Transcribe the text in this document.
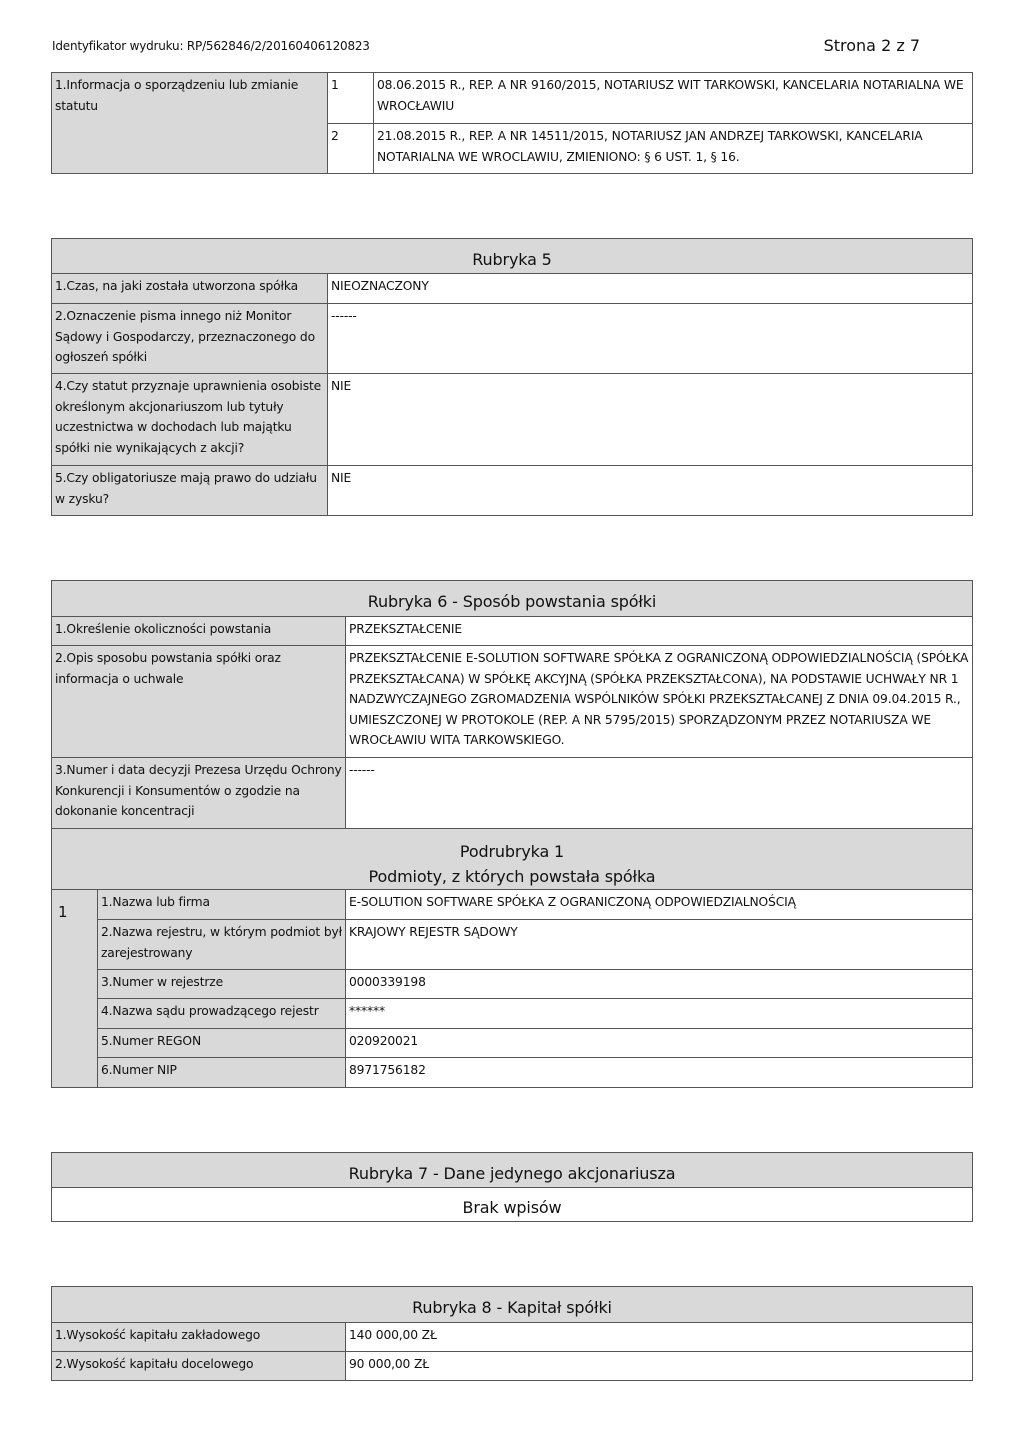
Identyfikator wydruku: RP/562846/2/20160406120823	Strona 2 z 7
1.Informacja o sporządzeniu lub zmianie statutu	1	08.06.2015 R., REP. A NR 9160/2015, NOTARIUSZ WIT TARKOWSKI, KANCELARIA NOTARIALNA WE WROCŁAWIU
	2	21.08.2015 R., REP. A NR 14511/2015, NOTARIUSZ JAN ANDRZEJ TARKOWSKI, KANCELARIA NOTARIALNA WE WROCLAWIU, ZMIENIONO: § 6 UST. 1, § 16.
Rubryka 5	
1.Czas, na jaki została utworzona spółka	NIEOZNACZONY
2.Oznaczenie pisma innego niż Monitor Sądowy i Gospodarczy, przeznaczonego do ogłoszeń spółki	------
4.Czy statut przyznaje uprawnienia osobiste określonym akcjonariuszom lub tytuły uczestnictwa w dochodach lub majątku spółki nie wynikających z akcji?	NIE
5.Czy obligatoriusze mają prawo do udziału w zysku?	NIE
Rubryka 6 - Sposób powstania spółki		
1.Określenie okoliczności powstania		PRZEKSZTAŁCENIE
2.Opis sposobu powstania spółki oraz informacja o uchwale		PRZEKSZTAŁCENIE E-SOLUTION SOFTWARE SPÓŁKA Z OGRANICZONĄ ODPOWIEDZIALNOŚCIĄ (SPÓŁKA PRZEKSZTAŁCANA) W SPÓŁKĘ AKCYJNĄ (SPÓŁKA PRZEKSZTAŁCONA), NA PODSTAWIE UCHWAŁY NR 1 NADZWYCZAJNEGO ZGROMADZENIA WSPÓLNIKÓW SPÓŁKI PRZEKSZTAŁCANEJ Z DNIA 09.04.2015 R., UMIESZCZONEJ W PROTOKOLE (REP. A NR 5795/2015) SPORZĄDZONYM PRZEZ NOTARIUSZA WE WROCŁAWIU WITA TARKOWSKIEGO.
3.Numer i data decyzji Prezesa Urzędu Ochrony Konkurencji i Konsumentów o zgodzie na dokonanie koncentracji		------

Podrubryka 1
Podmioty, z których powstała spółka		

1	1.Nazwa lub firma	E-SOLUTION SOFTWARE SPÓŁKA Z OGRANICZONĄ ODPOWIEDZIALNOŚCIĄ
	2.Nazwa rejestru, w którym podmiot był zarejestrowany	KRAJOWY REJESTR SĄDOWY
	3.Numer w rejestrze	0000339198
	4.Nazwa sądu prowadzącego rejestr	******
	5.Numer REGON	020920021
	6.Numer NIP	8971756182
Rubryka 7 - Dane jedynego akcjonariusza
Brak wpisów
Rubryka 8 - Kapitał spółki	
1.Wysokość kapitału zakładowego	140 000,00 ZŁ
2.Wysokość kapitału docelowego	90 000,00 ZŁ
